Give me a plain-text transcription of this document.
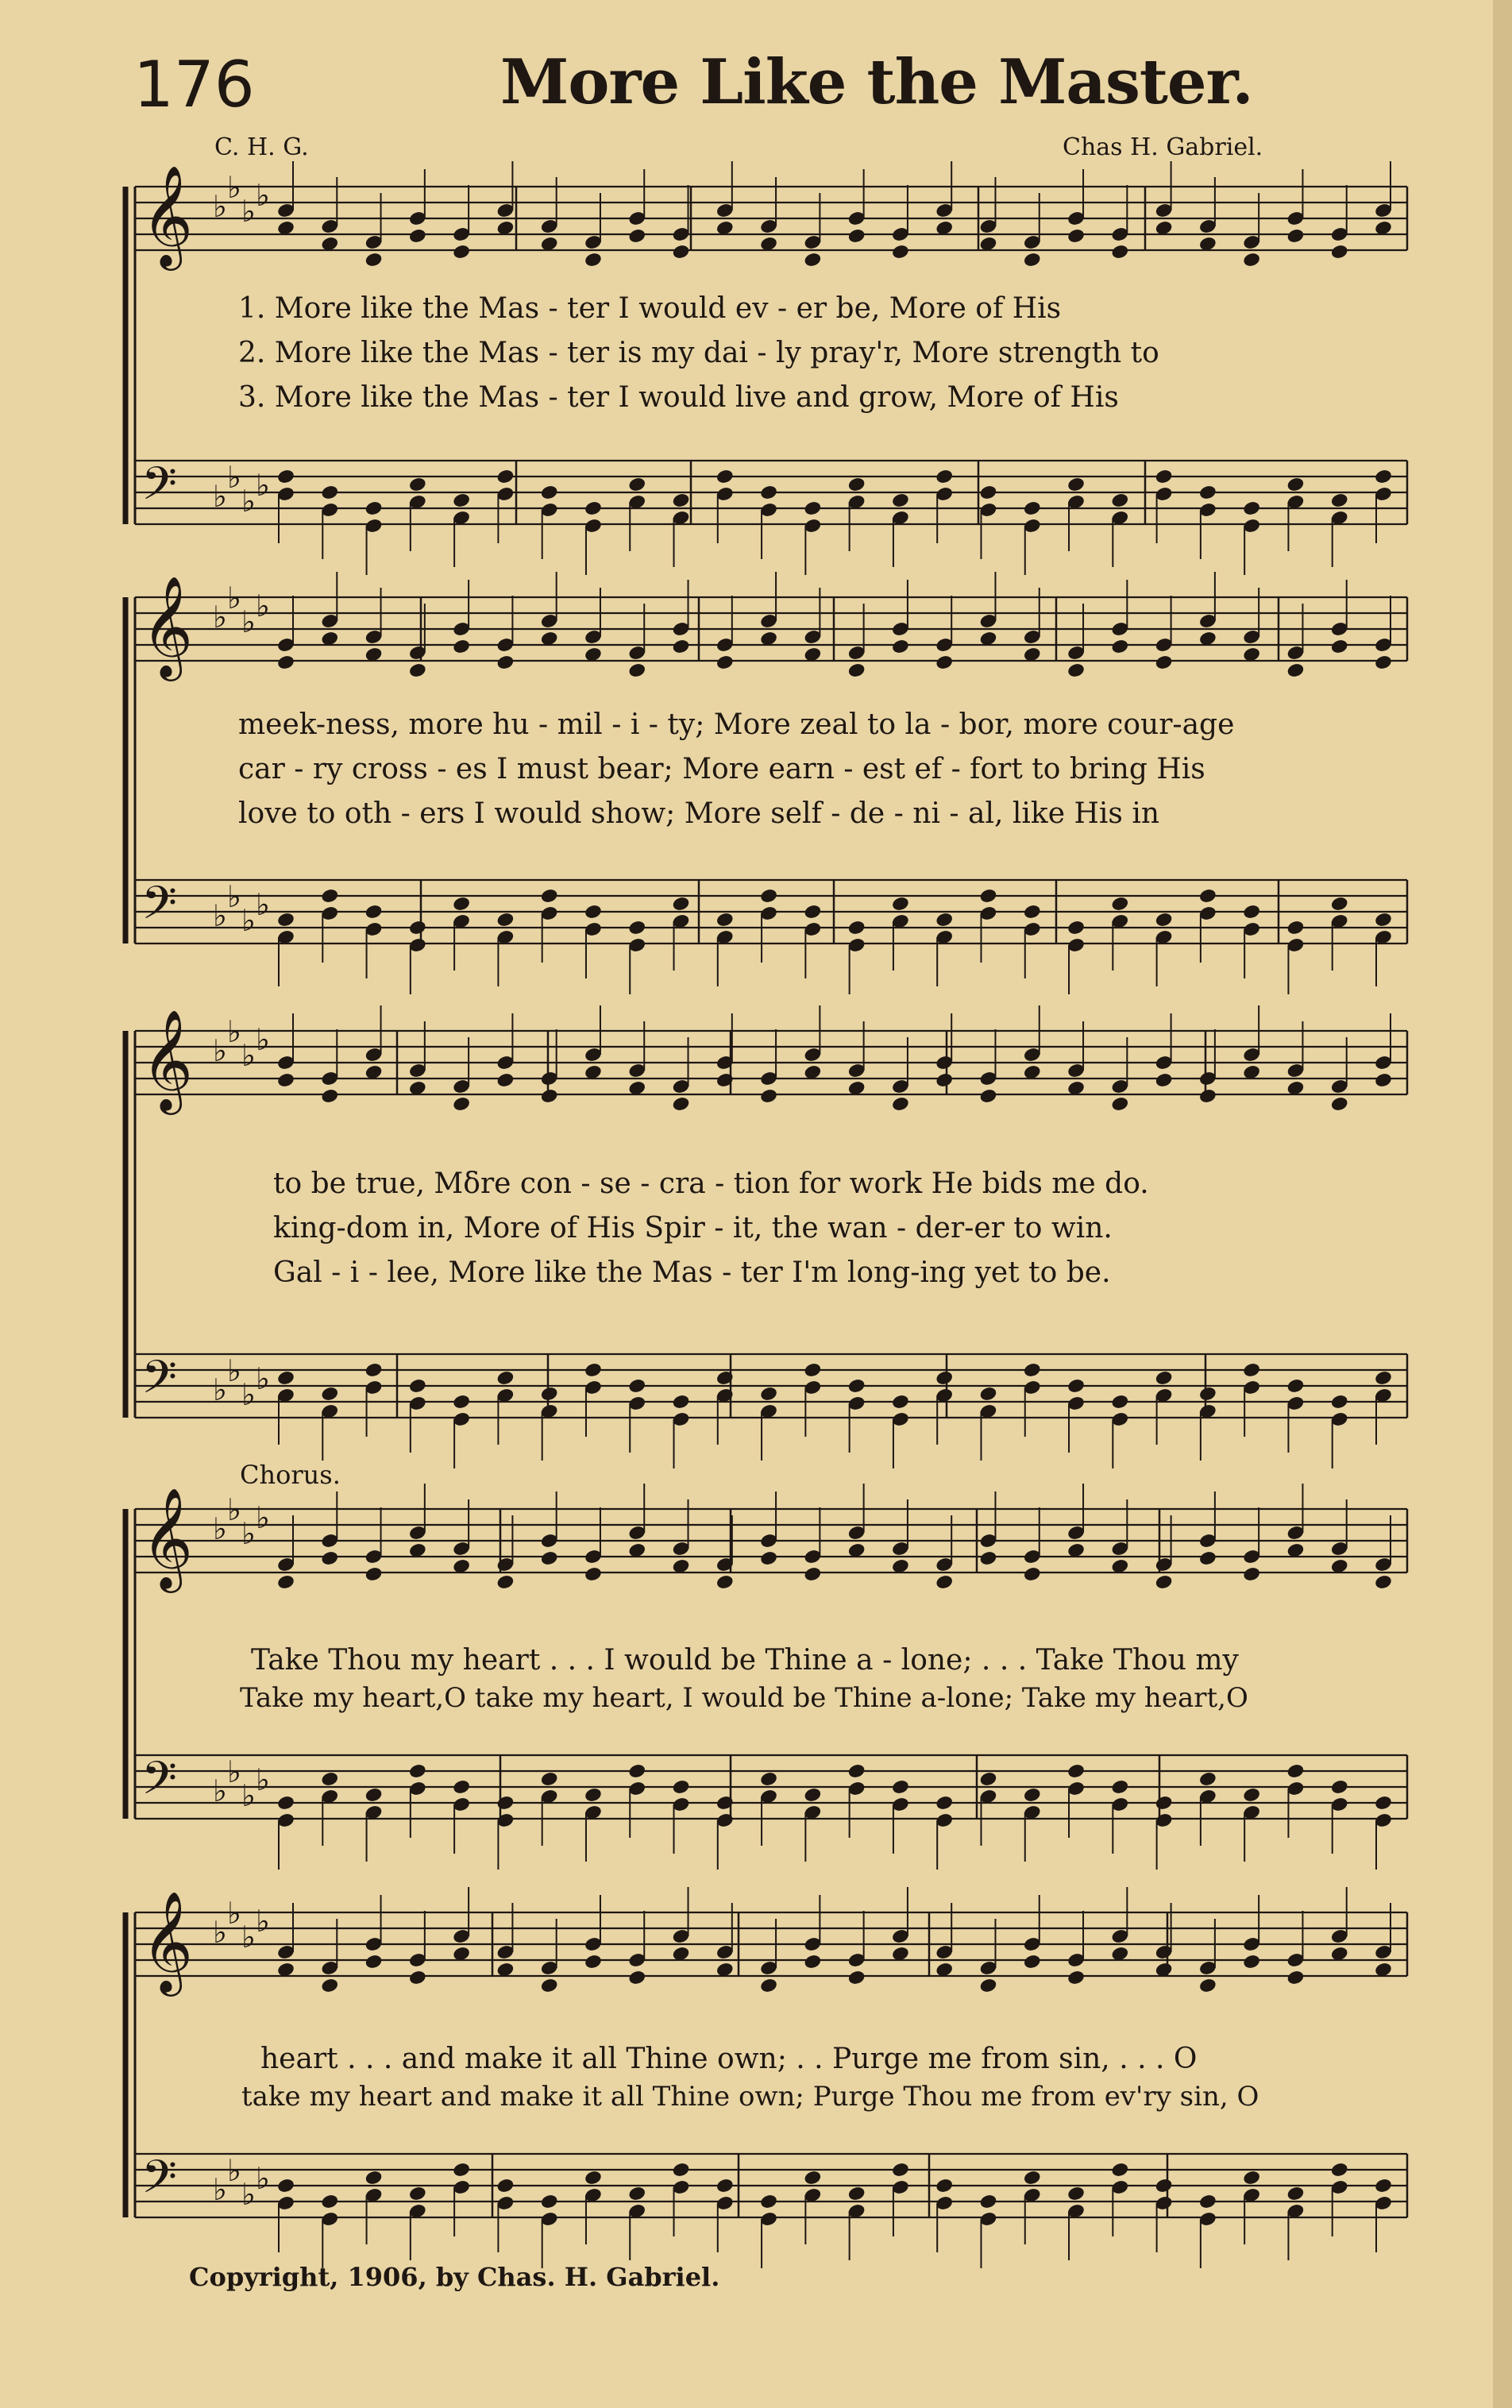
176	More Like the Master.
C. H. G.	Chas H. Gabriel.
𝄞 ♭
♭
♭ ♭
𝄢 ♭
♭
♭ ♭
𝄞 ♭
♭
♭ ♭
𝄢 ♭
♭
♭ ♭
𝄞 ♭
♭
♭ ♭
𝄢 ♭
♭
♭ ♭
𝄞 ♭
♭
♭ ♭
𝄢 ♭
♭
♭ ♭
𝄞 ♭
♭
♭ ♭
𝄢 ♭
♭
♭ ♭
1. More like the Mas - ter I would ev - er be, More of His
2. More like the Mas - ter is my dai - ly pray'r, More strength to
3. More like the Mas - ter I would live and grow, More of His
meek-ness, more hu - mil - i - ty; More zeal to la - bor, more cour-age
car - ry cross - es I must bear; More earn - est ef - fort to bring His
love to oth - ers I would show; More self - de - ni - al, like His in
to be true, Mδre con - se - cra - tion for work He bids me do.
king-dom in, More of His Spir - it, the wan - der-er to win.
Gal - i - lee, More like the Mas - ter I'm long-ing yet to be.
Chorus.
Take Thou my heart . . . I would be Thine a - lone; . . . Take Thou my
Take my heart,O take my heart, I would be Thine a-lone; Take my heart,O
heart . . . and make it all Thine own; . . Purge me from sin, . . . O
take my heart and make it all Thine own; Purge Thou me from ev'ry sin, O
Copyright, 1906, by Chas. H. Gabriel.
